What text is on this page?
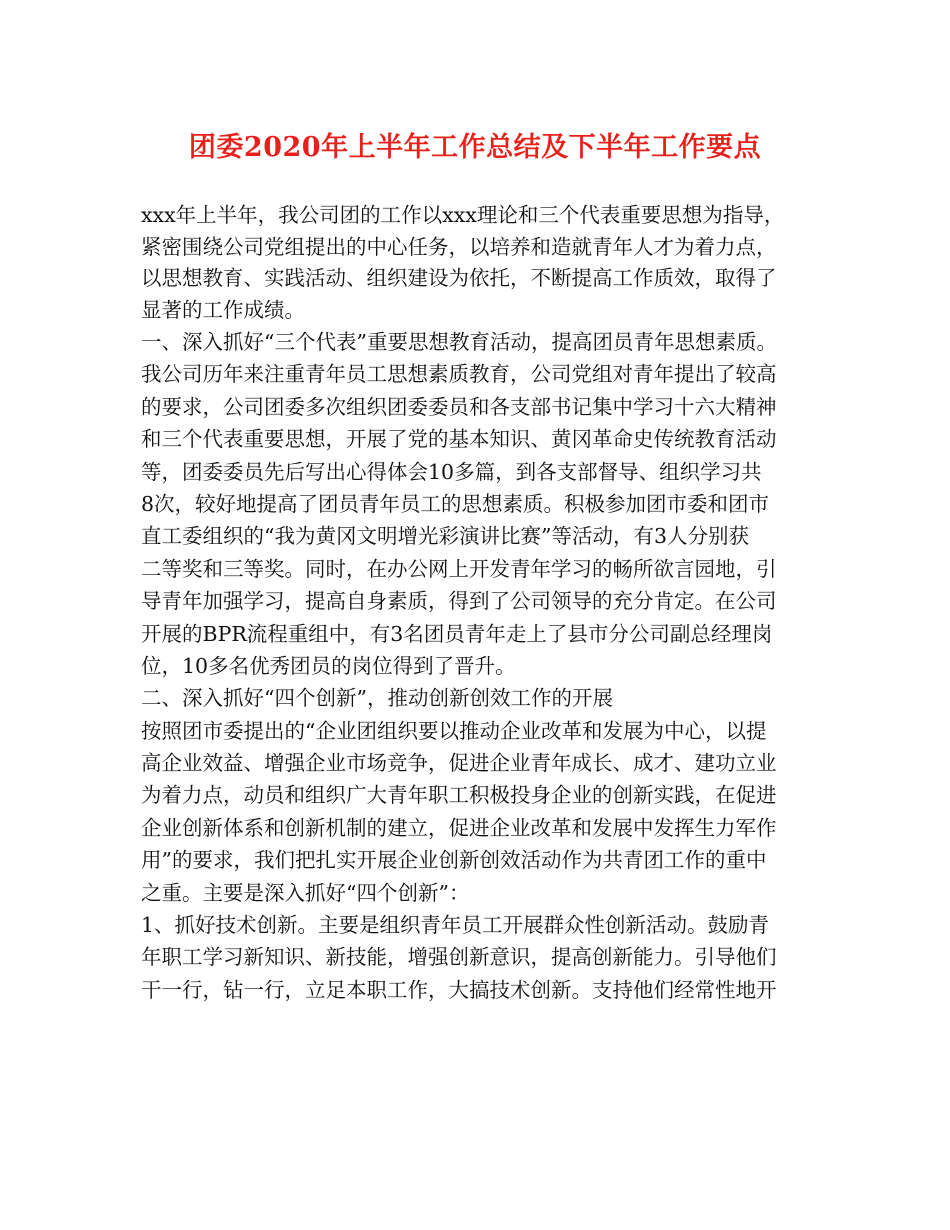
团委2020年上半年工作总结及下半年工作要点
xxx年上半年，我公司团的工作以xxx理论和三个代表重要思想为指导，
紧密围绕公司党组提出的中心任务，以培养和造就青年人才为着力点，
以思想教育、实践活动、组织建设为依托，不断提高工作质效，取得了
显著的工作成绩。
一、深入抓好“三个代表”重要思想教育活动，提高团员青年思想素质。
我公司历年来注重青年员工思想素质教育，公司党组对青年提出了较高
的要求，公司团委多次组织团委委员和各支部书记集中学习十六大精神
和三个代表重要思想，开展了党的基本知识、黄冈革命史传统教育活动
等，团委委员先后写出心得体会10多篇，到各支部督导、组织学习共
8次，较好地提高了团员青年员工的思想素质。积极参加团市委和团市
直工委组织的“我为黄冈文明增光彩演讲比赛”等活动，有3人分别获
二等奖和三等奖。同时，在办公网上开发青年学习的畅所欲言园地，引
导青年加强学习，提高自身素质，得到了公司领导的充分肯定。在公司
开展的BPR流程重组中，有3名团员青年走上了县市分公司副总经理岗
位，10多名优秀团员的岗位得到了晋升。
二、深入抓好“四个创新”，推动创新创效工作的开展
按照团市委提出的“企业团组织要以推动企业改革和发展为中心，以提
高企业效益、增强企业市场竞争，促进企业青年成长、成才、建功立业
为着力点，动员和组织广大青年职工积极投身企业的创新实践，在促进
企业创新体系和创新机制的建立，促进企业改革和发展中发挥生力军作
用”的要求，我们把扎实开展企业创新创效活动作为共青团工作的重中
之重。主要是深入抓好“四个创新”：
1、抓好技术创新。主要是组织青年员工开展群众性创新活动。鼓励青
年职工学习新知识、新技能，增强创新意识，提高创新能力。引导他们
干一行，钻一行，立足本职工作，大搞技术创新。支持他们经常性地开
